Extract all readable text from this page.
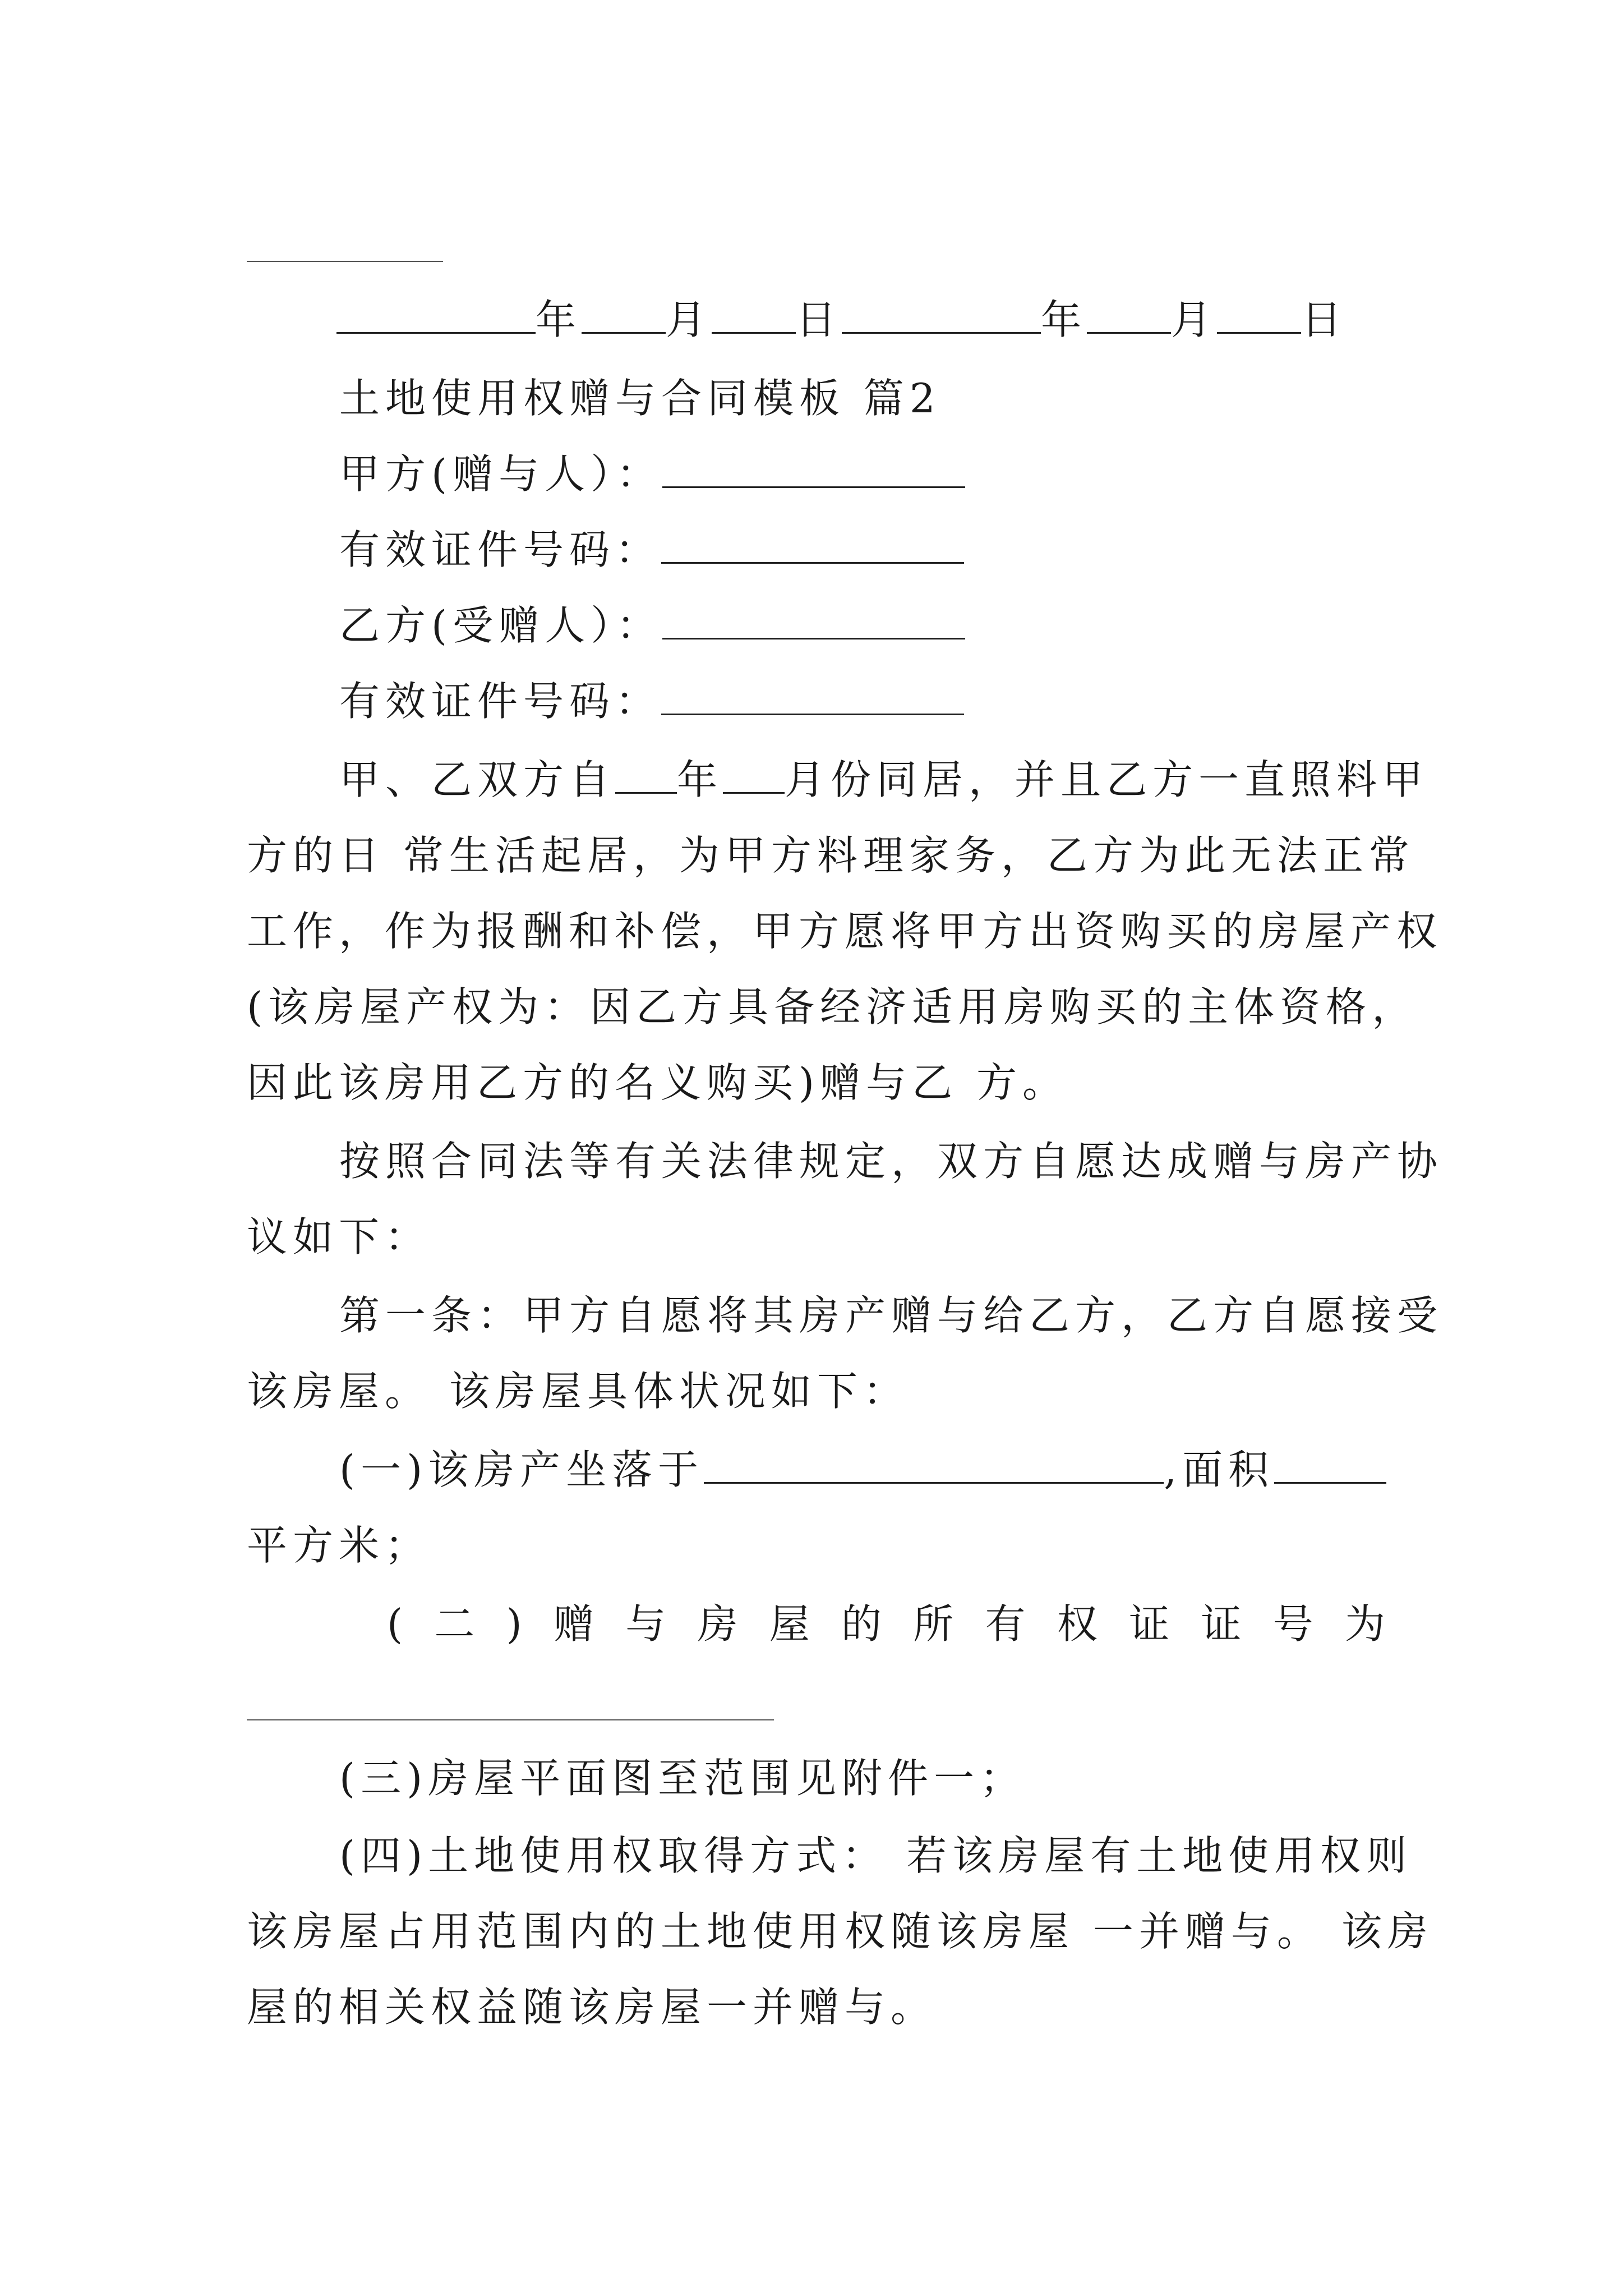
年 月 日	年 月 日
土地使用权赠与合同模板 篇2
甲方(赠与人）：
有效证件号码：
乙方(受赠人）：
有效证件号码：
甲、乙双方自 年 月份同居，并且乙方一直照料甲
方的日 常生活起居，为甲方料理家务，乙方为此无法正常
工作，作为报酬和补偿，甲方愿将甲方出资购买的房屋产权
(该房屋产权为：因乙方具备经济适用房购买的主体资格，
因此该房用乙方的名义购买)赠与乙 方。
按照合同法等有关法律规定，双方自愿达成赠与房产协
议如下：
第一条：甲方自愿将其房产赠与给乙方，乙方自愿接受
该房屋。 该房屋具体状况如下：
(一)该房产坐落于	,面积
平方米；
( 二 ) 赠 与 房 屋 的 所 有 权 证 证 号 为
(三)房屋平面图至范围见附件一；
(四)土地使用权取得方式： 若该房屋有土地使用权则
该房屋占用范围内的土地使用权随该房屋 一并赠与。 该房
屋的相关权益随该房屋一并赠与。
